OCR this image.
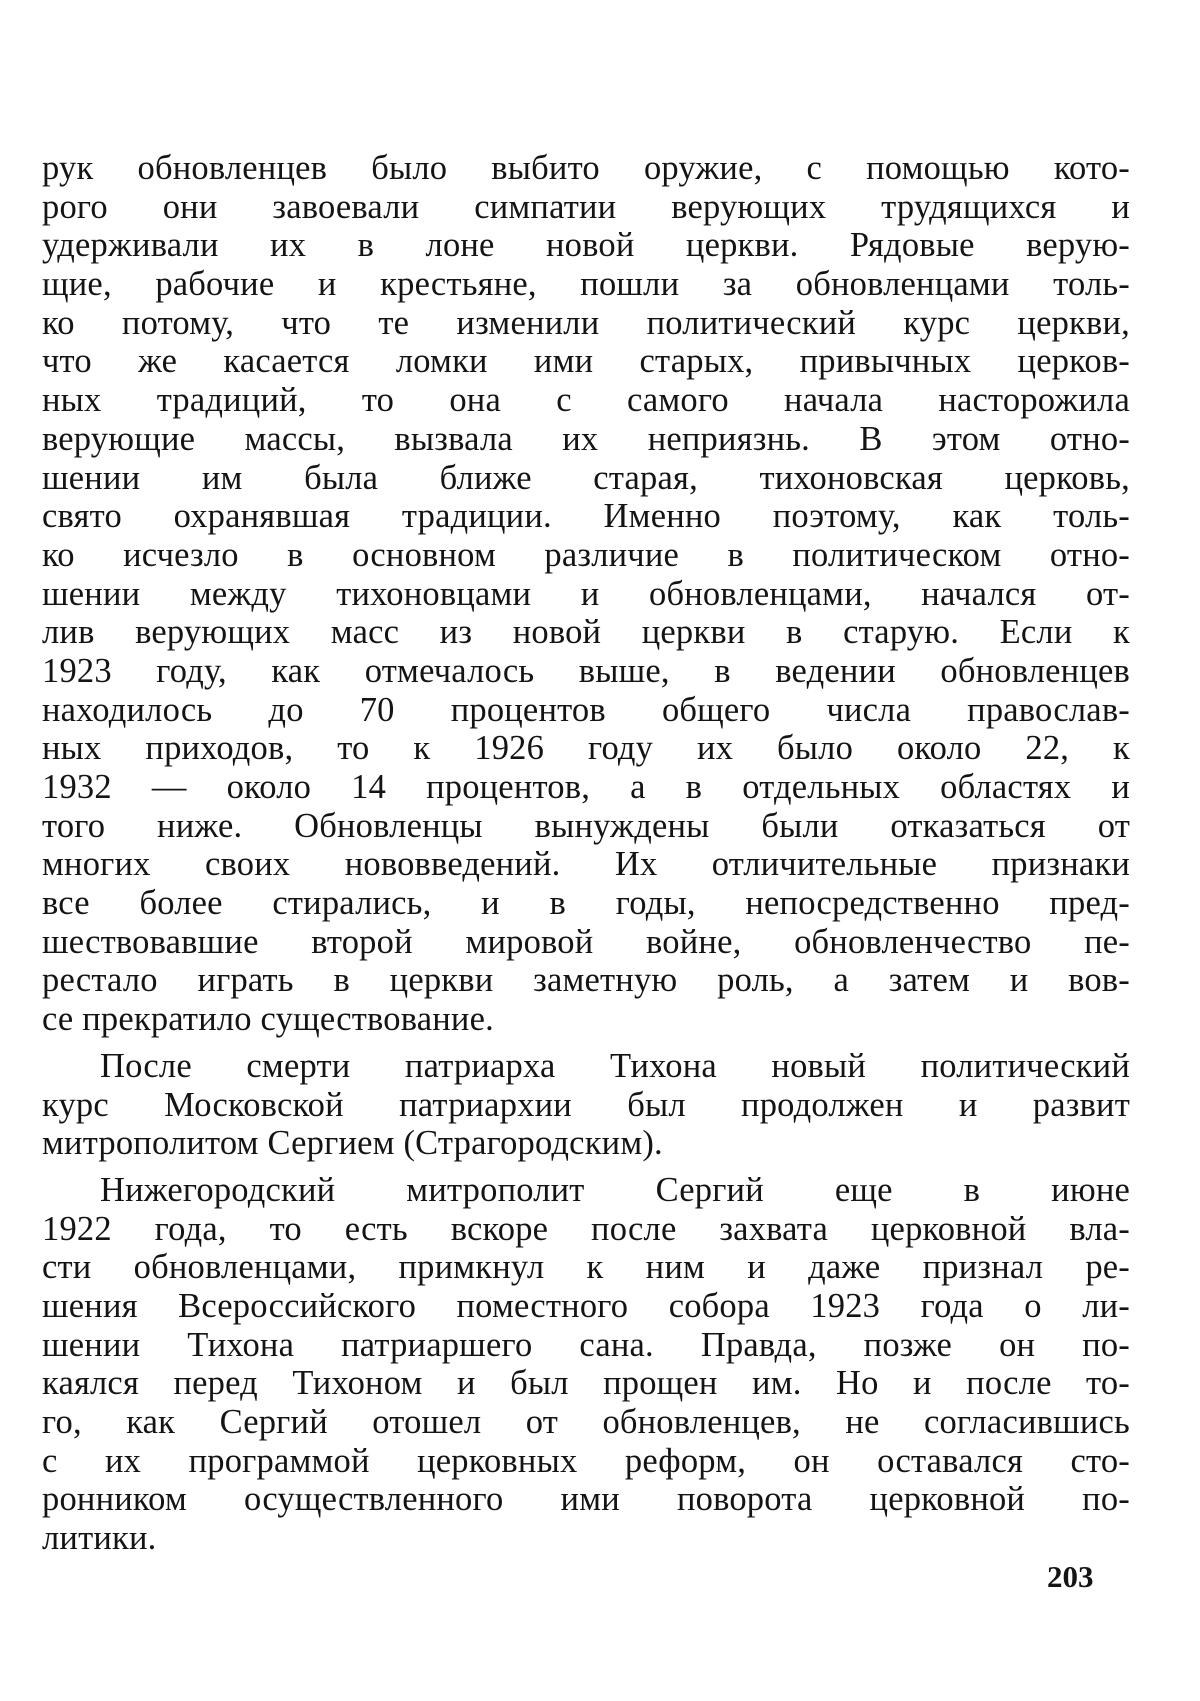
рук обновленцев было выбито оружие, с помощью кото-
рого они завоевали симпатии верующих трудящихся и
удерживали их в лоне новой церкви. Рядовые верую-
щие, рабочие и крестьяне, пошли за обновленцами толь-
ко потому, что те изменили политический курс церкви,
что же касается ломки ими старых, привычных церков-
ных традиций, то она с самого начала насторожила
верующие массы, вызвала их неприязнь. В этом отно-
шении им была ближе старая, тихоновская церковь,
свято охранявшая традиции. Именно поэтому, как толь-
ко исчезло в основном различие в политическом отно-
шении между тихоновцами и обновленцами, начался от-
лив верующих масс из новой церкви в старую. Если к
1923 году, как отмечалось выше, в ведении обновленцев
находилось до 70 процентов общего числа православ-
ных приходов, то к 1926 году их было около 22, к
1932 — около 14 процентов, а в отдельных областях и
того ниже. Обновленцы вынуждены были отказаться от
многих своих нововведений. Их отличительные признаки
все более стирались, и в годы, непосредственно пред-
шествовавшие второй мировой войне, обновленчество пе-
рестало играть в церкви заметную роль, а затем и вов-
се прекратило существование.
После смерти патриарха Тихона новый политический
курс Московской патриархии был продолжен и развит
митрополитом Сергием (Страгородским).
Нижегородский митрополит Сергий еще в июне
1922 года, то есть вскоре после захвата церковной вла-
сти обновленцами, примкнул к ним и даже признал ре-
шения Всероссийского поместного собора 1923 года о ли-
шении Тихона патриаршего сана. Правда, позже он по-
каялся перед Тихоном и был прощен им. Но и после то-
го, как Сергий отошел от обновленцев, не согласившись
с их программой церковных реформ, он оставался сто-
ронником осуществленного ими поворота церковной по-
литики.
203
